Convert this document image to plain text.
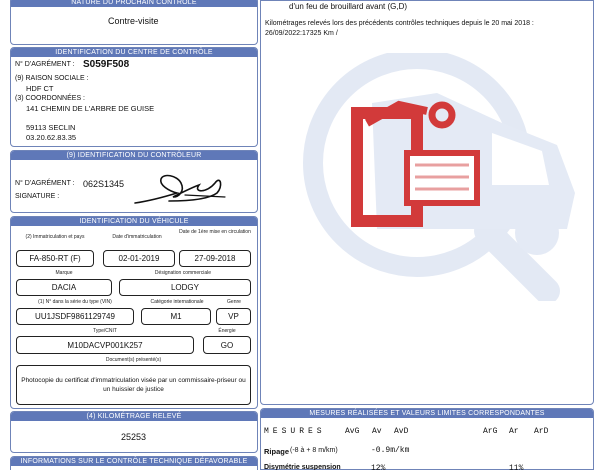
NATURE DU PROCHAIN CONTROLE
Contre-visite
IDENTIFICATION DU CENTRE DE CONTRÔLE
N° D'AGRÉMENT : S059F508
(9) RAISON SOCIALE :
HDF CT
(3) COORDONNÉES :
141 CHEMIN DE L'ARBRE DE GUISE
59113 SECLIN
03.20.62.83.35
(9) IDENTIFICATION DU CONTRÔLEUR
N° D'AGRÉMENT : 062S1345
SIGNATURE :
IDENTIFICATION DU VÉHICULE
(2) Immatriculation et pays	Date d'immatriculation
Date de 1ère mise en circulation
FA-850-RT (F)	02-01-2019	27-09-2018
Marque	Désignation commerciale
DACIA	LODGY
(1) N° dans la série du type (VIN)	Catégorie internationale	Genre
UU1JSDF9861129749	M1	VP
Type/CNIT	Énergie
M10DACVP001K257	GO
Document(s) présenté(s)
Photocopie du certificat d'immatriculation visée par un commissaire-priseur ou un huissier de justice
(4) KILOMÉTRAGE RELEVÉ
25253
INFORMATIONS SUR LE CONTRÔLE TECHNIQUE DÉFAVORABLE
d'un feu de brouillard avant (G,D)
Kilométrages relevés lors des précédents contrôles techniques depuis le 20 mai 2018 :
26/09/2022:17325 Km /
MESURES RÉALISÉES ET VALEURS LIMITES CORRESPONDANTES
MESURES AvG Av AvD	ArG Ar ArD
Ripage (-8 à + 8 m/km)	-0.9m/km
Disymétrie suspension	12%	11%
